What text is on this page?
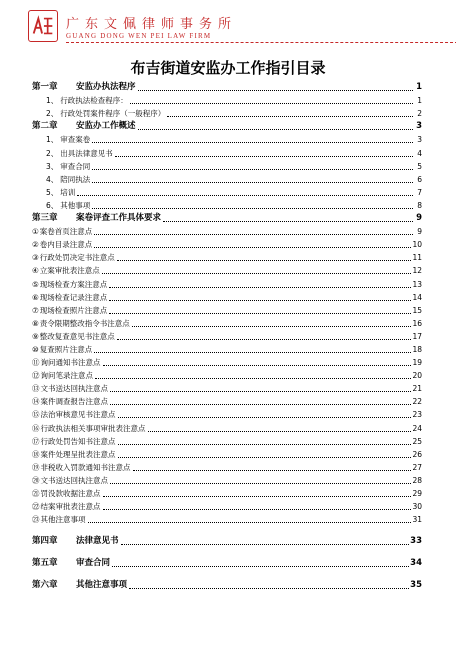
广东文佩律师事务所
GUANG DONG WEN PEI LAW FIRM
布吉街道安监办工作指引目录
第一章	安监办执法程序	1
1、 行政执法检查程序：	1
2、 行政处罚案件程序（一般程序）	2
第二章	安监办工作概述	3
1、 审查案卷	3
2、 出具法律意见书	4
3、 审查合同	5
4、 陪同执法	6
5、 培训	7
6、 其他事项	8
第三章	案卷评查工作具体要求	9
① 案卷首页注意点	9
② 卷内目录注意点	10
③ 行政处罚决定书注意点	11
④ 立案审批表注意点	12
⑤ 现场检查方案注意点	13
⑥ 现场检查记录注意点	14
⑦ 现场检查照片注意点	15
⑧ 责令限期整改指令书注意点	16
⑨ 整改复查意见书注意点	17
⑩ 复查照片注意点	18
⑪ 询问通知书注意点	19
⑫ 询问笔录注意点	20
⑬ 文书送达回执注意点	21
⑭ 案件调查报告注意点	22
⑮ 法治审核意见书注意点	23
⑯ 行政执法相关事项审批表注意点	24
⑰ 行政处罚告知书注意点	25
⑱ 案件处理呈批表注意点	26
⑲ 非税收入罚款通知书注意点	27
⑳ 文书送达回执注意点	28
㉑ 罚没款收据注意点	29
㉒ 结案审批表注意点	30
㉓ 其他注意事项	31
第四章	法律意见书	33
第五章	审查合同	34
第六章	其他注意事项	35
